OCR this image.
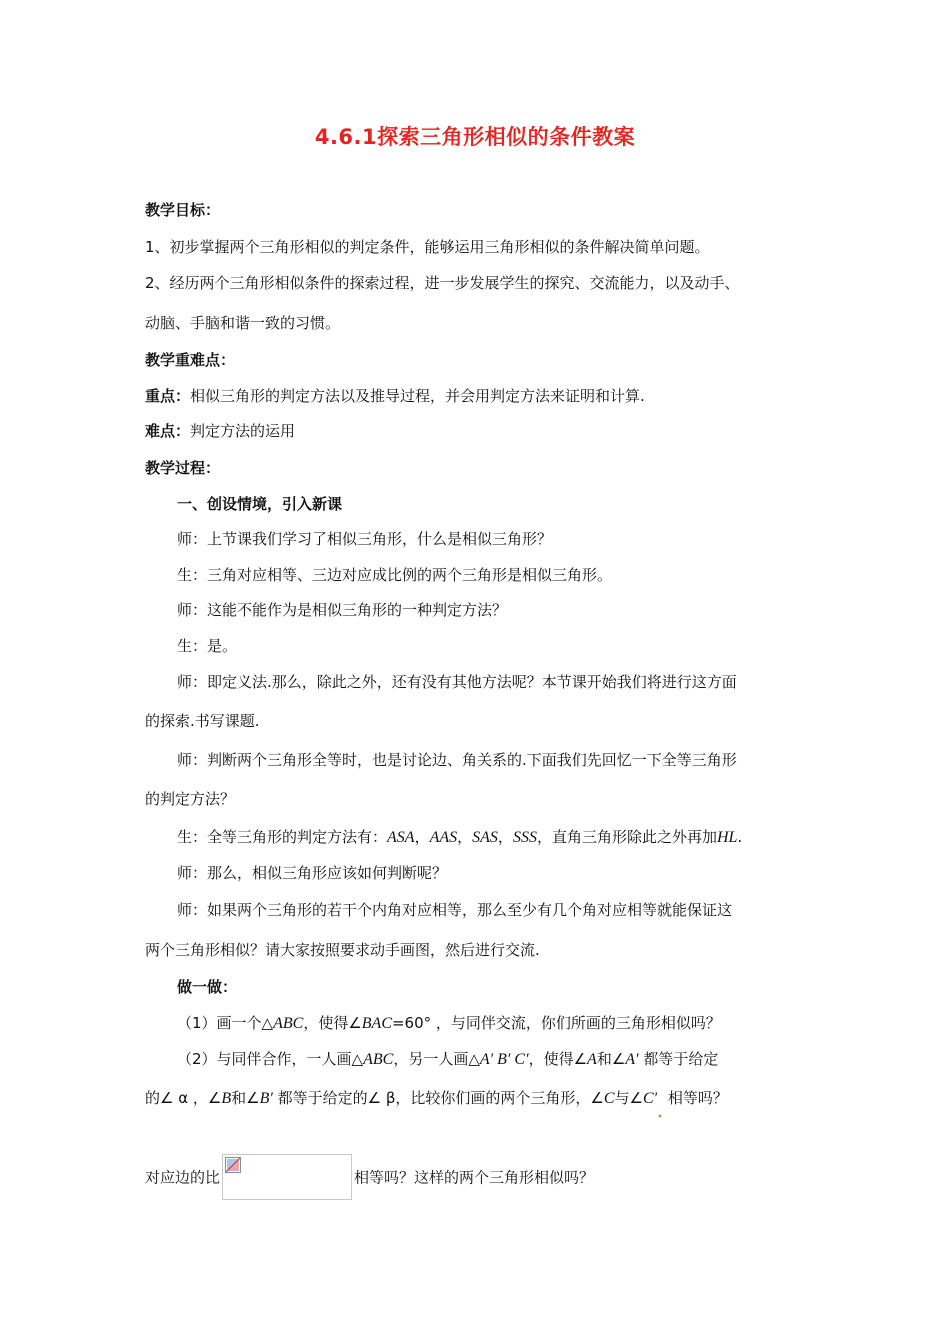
4.6.1探索三角形相似的条件教案
教学目标：
1、初步掌握两个三角形相似的判定条件，能够运用三角形相似的条件解决简单问题。
2、经历两个三角形相似条件的探索过程，进一步发展学生的探究、交流能力，以及动手、
动脑、手脑和谐一致的习惯。
教学重难点：
重点：相似三角形的判定方法以及推导过程，并会用判定方法来证明和计算.
难点：判定方法的运用
教学过程：
一、创设情境，引入新课
师：上节课我们学习了相似三角形，什么是相似三角形？
生：三角对应相等、三边对应成比例的两个三角形是相似三角形。
师：这能不能作为是相似三角形的一种判定方法？
生：是。
师：即定义法.那么，除此之外，还有没有其他方法呢？本节课开始我们将进行这方面
的探索.书写课题.
师：判断两个三角形全等时，也是讨论边、角关系的.下面我们先回忆一下全等三角形
的判定方法？
生：全等三角形的判定方法有：ASA，AAS，SAS，SSS，直角三角形除此之外再加HL.
师：那么，相似三角形应该如何判断呢？
师：如果两个三角形的若干个内角对应相等，那么至少有几个角对应相等就能保证这
两个三角形相似？请大家按照要求动手画图，然后进行交流.
做一做：
（1）画一个△ABC，使得∠BAC=60° ，与同伴交流，你们所画的三角形相似吗？
（2）与同伴合作，一人画△ABC，另一人画△A′ B′ C′，使得∠A和∠A′ 都等于给定
的∠ α ，∠B和∠B′ 都等于给定的∠ β，比较你们画的两个三角形，∠C与∠C′ 相等吗？
对应边的比	相等吗？这样的两个三角形相似吗？
